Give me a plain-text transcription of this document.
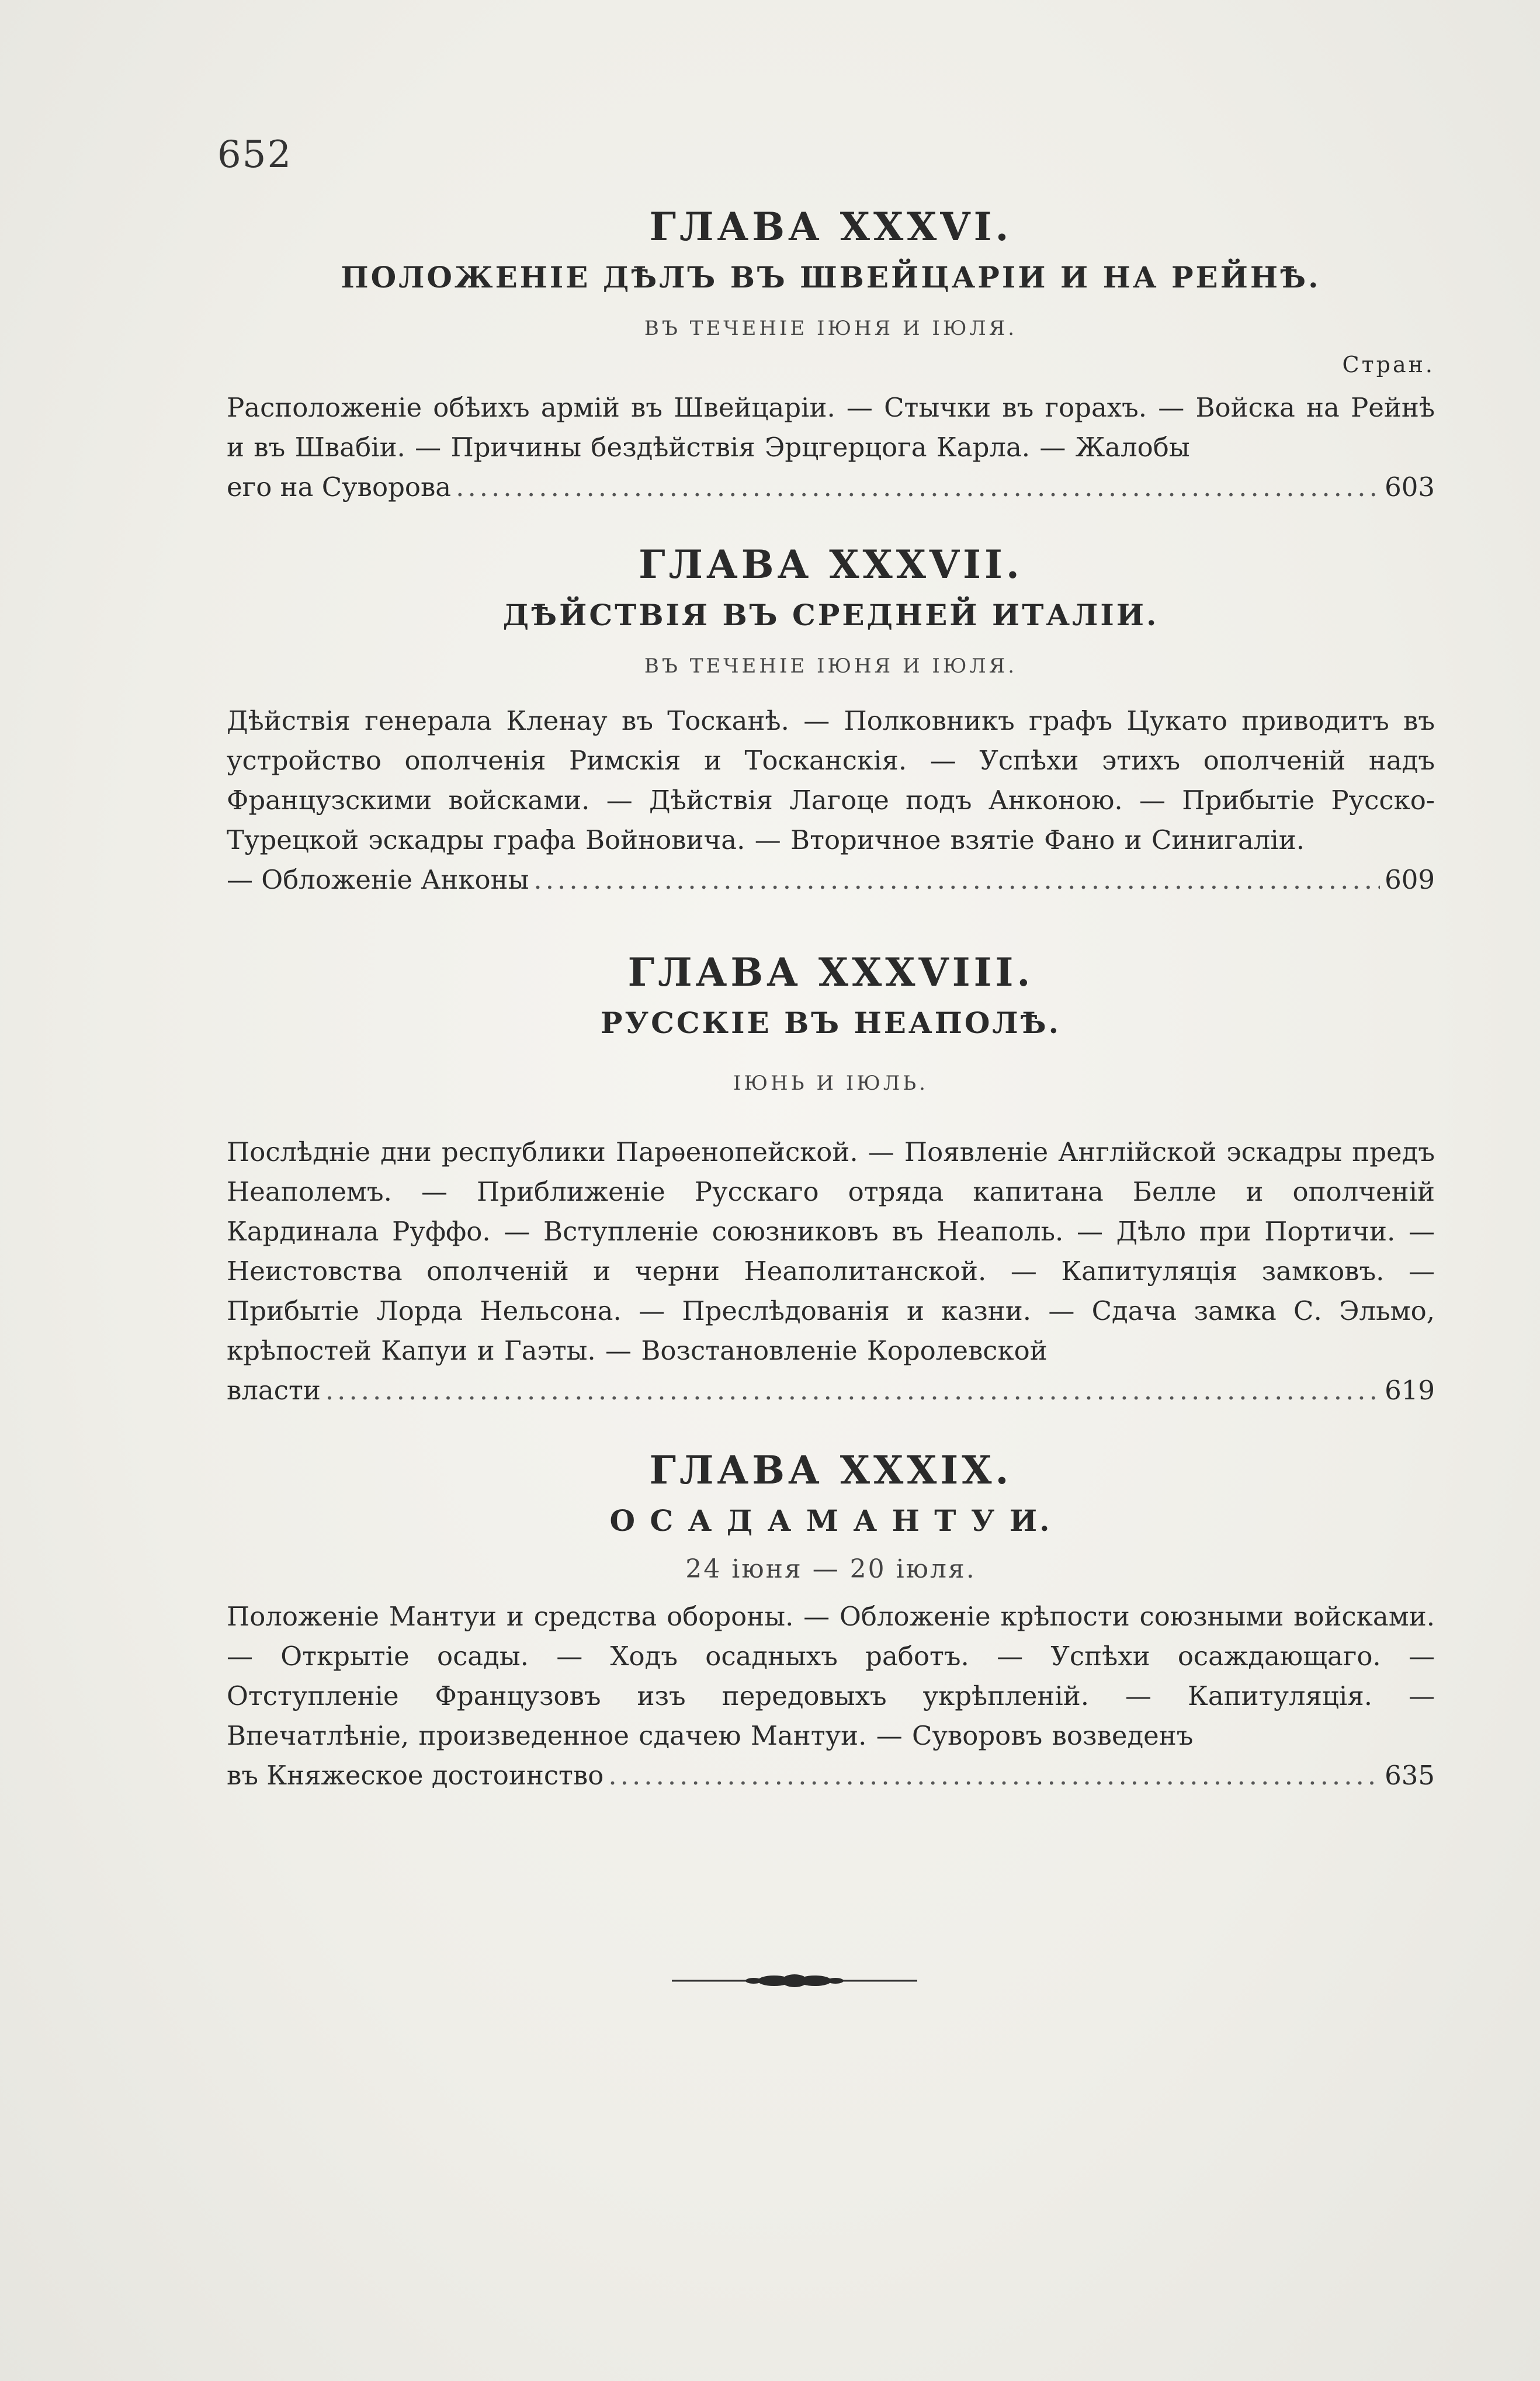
652
ГЛАВА XXXVI.
ПОЛОЖЕНІЕ ДѢЛЪ ВЪ ШВЕЙЦАРІИ И НА РЕЙНѢ.
ВЪ ТЕЧЕНІЕ ІЮНЯ И ІЮЛЯ.
Стран.
Расположеніе обѣихъ армій въ Швейцаріи. — Стычки въ горахъ. — Войска на Рейнѣ и въ Швабіи. — Причины бездѣйствія Эрцгерцога Карла. — Жалобы
его на Суворова .....	603
ГЛАВА XXXVII.
ДѢЙСТВІЯ ВЪ СРЕДНЕЙ ИТАЛІИ.
ВЪ ТЕЧЕНІЕ ІЮНЯ И ІЮЛЯ.
Дѣйствія генерала Кленау въ Тосканѣ. — Полковникъ графъ Цукато приводитъ въ устройство ополченія Римскія и Тосканскія. — Успѣхи этихъ ополченій надъ Французскими войсками. — Дѣйствія Лагоце подъ Анконою. — Прибытіе Русско-Турецкой эскадры графа Войновича. — Вторичное взятіе Фано и Синигаліи.
— Обложеніе Анконы .....	609
ГЛАВА XXXVIII.
РУССКІЕ ВЪ НЕАПОЛѢ.
ІЮНЬ И ІЮЛЬ.
Послѣдніе дни республики Парѳенопейской. — Появленіе Англійской эскадры предъ Неаполемъ. — Приближеніе Русскаго отряда капитана Белле и ополченій Кардинала Руффо. — Вступленіе союзниковъ въ Неаполь. — Дѣло при Портичи. — Неистовства ополченій и черни Неаполитанской. — Капитуляція замковъ. — Прибытіе Лорда Нельсона. — Преслѣдованія и казни. — Сдача замка С. Эльмо, крѣпостей Капуи и Гаэты. — Возстановленіе Королевской
власти .....	619
ГЛАВА XXXIX.
О С А Д А М А Н Т У И.
24 іюня — 20 іюля.
Положеніе Мантуи и средства обороны. — Обложеніе крѣпости союзными войсками. — Открытіе осады. — Ходъ осадныхъ работъ. — Успѣхи осаждающаго. — Отступленіе Французовъ изъ передовыхъ укрѣпленій. — Капитуляція. — Впечатлѣніе, произведенное сдачею Мантуи. — Суворовъ возведенъ
въ Княжеское достоинство .....	635
